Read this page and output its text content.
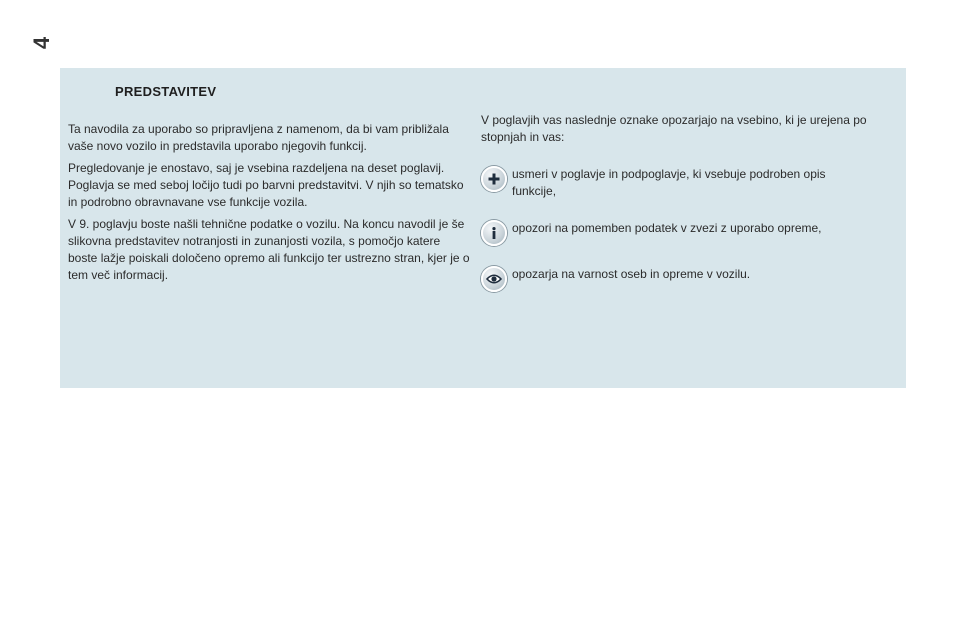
4
PREDSTAVITEV

Ta navodila za uporabo so pripravljena z namenom, da bi vam približala vaše novo vozilo in predstavila uporabo njegovih funkcij.

Pregledovanje je enostavo, saj je vsebina razdeljena na deset poglavij. Poglavja se med seboj ločijo tudi po barvni predstavitvi. V njih so tematsko in podrobno obravnavane vse funkcije vozila.

V 9. poglavju boste našli tehnične podatke o vozilu. Na koncu navodil je še slikovna predstavitev notranjosti in zunanjosti vozila, s pomočjo katere boste lažje poiskali določeno opremo ali funkcijo ter ustrezno stran, kjer je o tem več informacij.

V poglavjih vas naslednje oznake opozarjajo na vsebino, ki je urejena po stopnjah in vas:
usmeri v poglavje in podpoglavje, ki vsebuje podroben opis funkcije,
opozori na pomemben podatek v zvezi z uporabo opreme,
opozarja na varnost oseb in opreme v vozilu.
